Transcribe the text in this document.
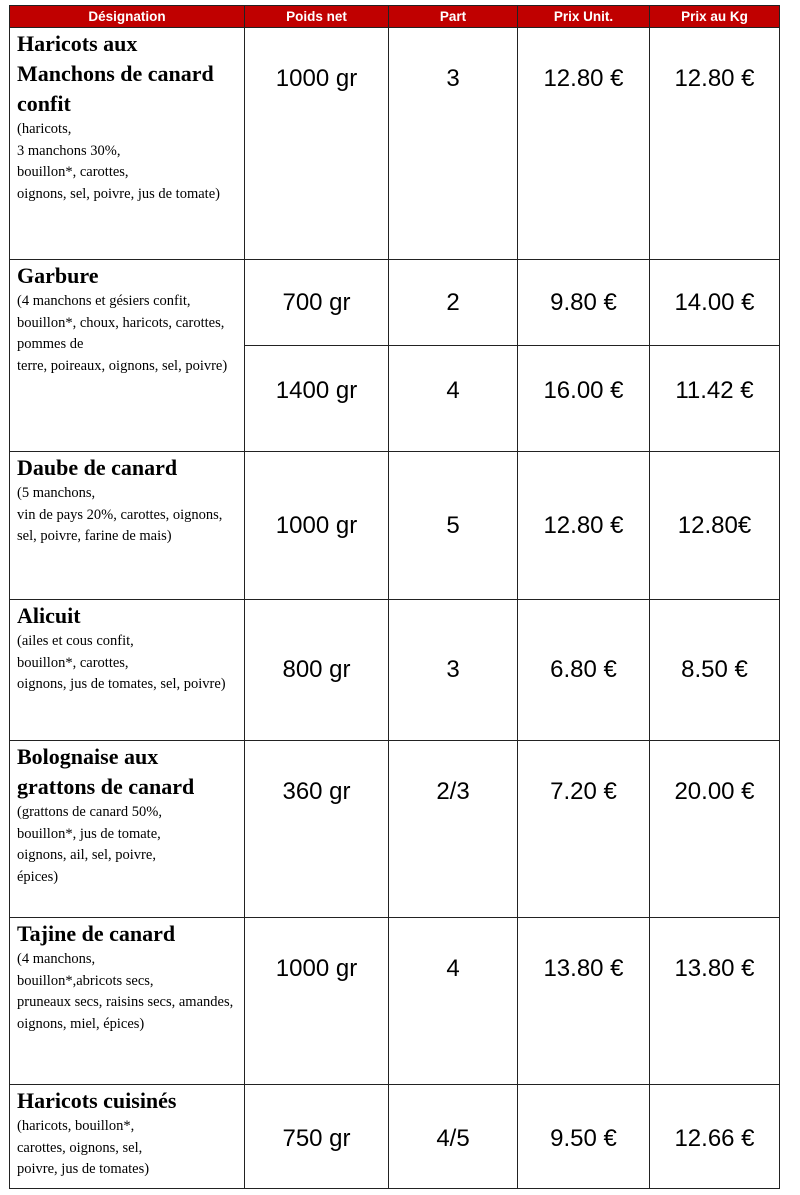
Désignation	Poids net	Part	Prix Unit.	Prix au Kg

Haricots aux Manchons de canard confit
(haricots,
3 manchons 30%,
bouillon*, carottes,
oignons, sel, poivre, jus de tomate)	1000 gr	3	12.80 €	12.80 €

Garbure
(4 manchons et gésiers confit, bouillon*, choux, haricots, carottes,
pommes de
terre, poireaux, oignons, sel, poivre)	700 gr	2	9.80 €	14.00 €
	1400 gr	4	16.00 €	11.42 €

Daube de canard
(5 manchons,
vin de pays 20%, carottes, oignons, sel, poivre, farine de mais)	1000 gr	5	12.80 €	12.80€

Alicuit
(ailes et cous confit,
bouillon*, carottes,
oignons, jus de tomates, sel, poivre)	800 gr	3	6.80 €	8.50 €

Bolognaise aux grattons de canard
(grattons de canard 50%,
bouillon*, jus de tomate,
oignons, ail, sel, poivre,
épices)	360 gr	2/3	7.20 €	20.00 €

Tajine de canard
(4 manchons,
bouillon*,abricots secs,
pruneaux secs, raisins secs, amandes, oignons, miel, épices)	1000 gr	4	13.80 €	13.80 €

Haricots cuisinés
(haricots, bouillon*,
carottes, oignons, sel,
poivre, jus de tomates)	750 gr	4/5	9.50 €	12.66 €
